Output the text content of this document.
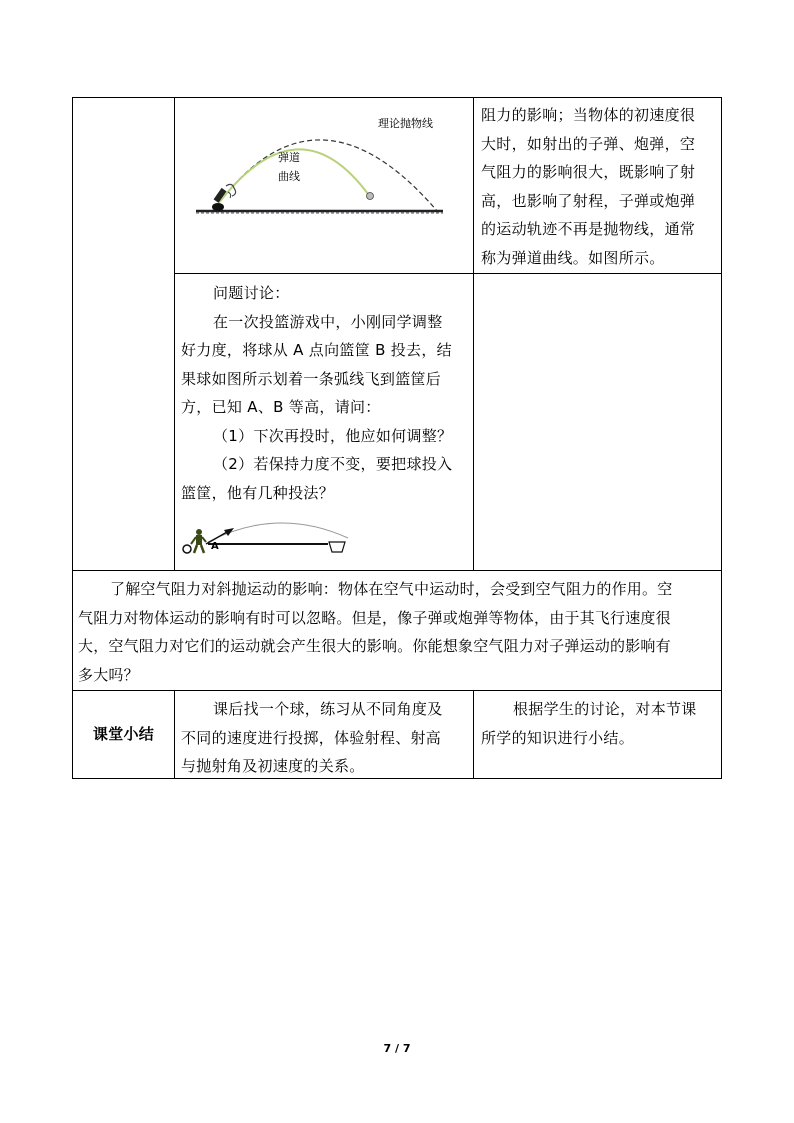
理论抛物线
弹道
曲线
阻力的影响；当物体的初速度很
大时，如射出的子弹、炮弹，空
气阻力的影响很大，既影响了射
高，也影响了射程，子弹或炮弹
的运动轨迹不再是抛物线，通常
称为弹道曲线。如图所示。
问题讨论：
在一次投篮游戏中，小刚同学调整
好力度，将球从 A 点向篮筐 B 投去，结
果球如图所示划着一条弧线飞到篮筐后
方，已知 A、B 等高，请问：
（1）下次再投时，他应如何调整？
（2）若保持力度不变，要把球投入
篮筐，他有几种投法？
A
了解空气阻力对斜抛运动的影响：物体在空气中运动时，会受到空气阻力的作用。空
气阻力对物体运动的影响有时可以忽略。但是，像子弹或炮弹等物体，由于其飞行速度很
大，空气阻力对它们的运动就会产生很大的影响。你能想象空气阻力对子弹运动的影响有
多大吗？
课堂小结
课后找一个球，练习从不同角度及
不同的速度进行投掷，体验射程、射高
与抛射角及初速度的关系。
根据学生的讨论，对本节课
所学的知识进行小结。
7 / 7
